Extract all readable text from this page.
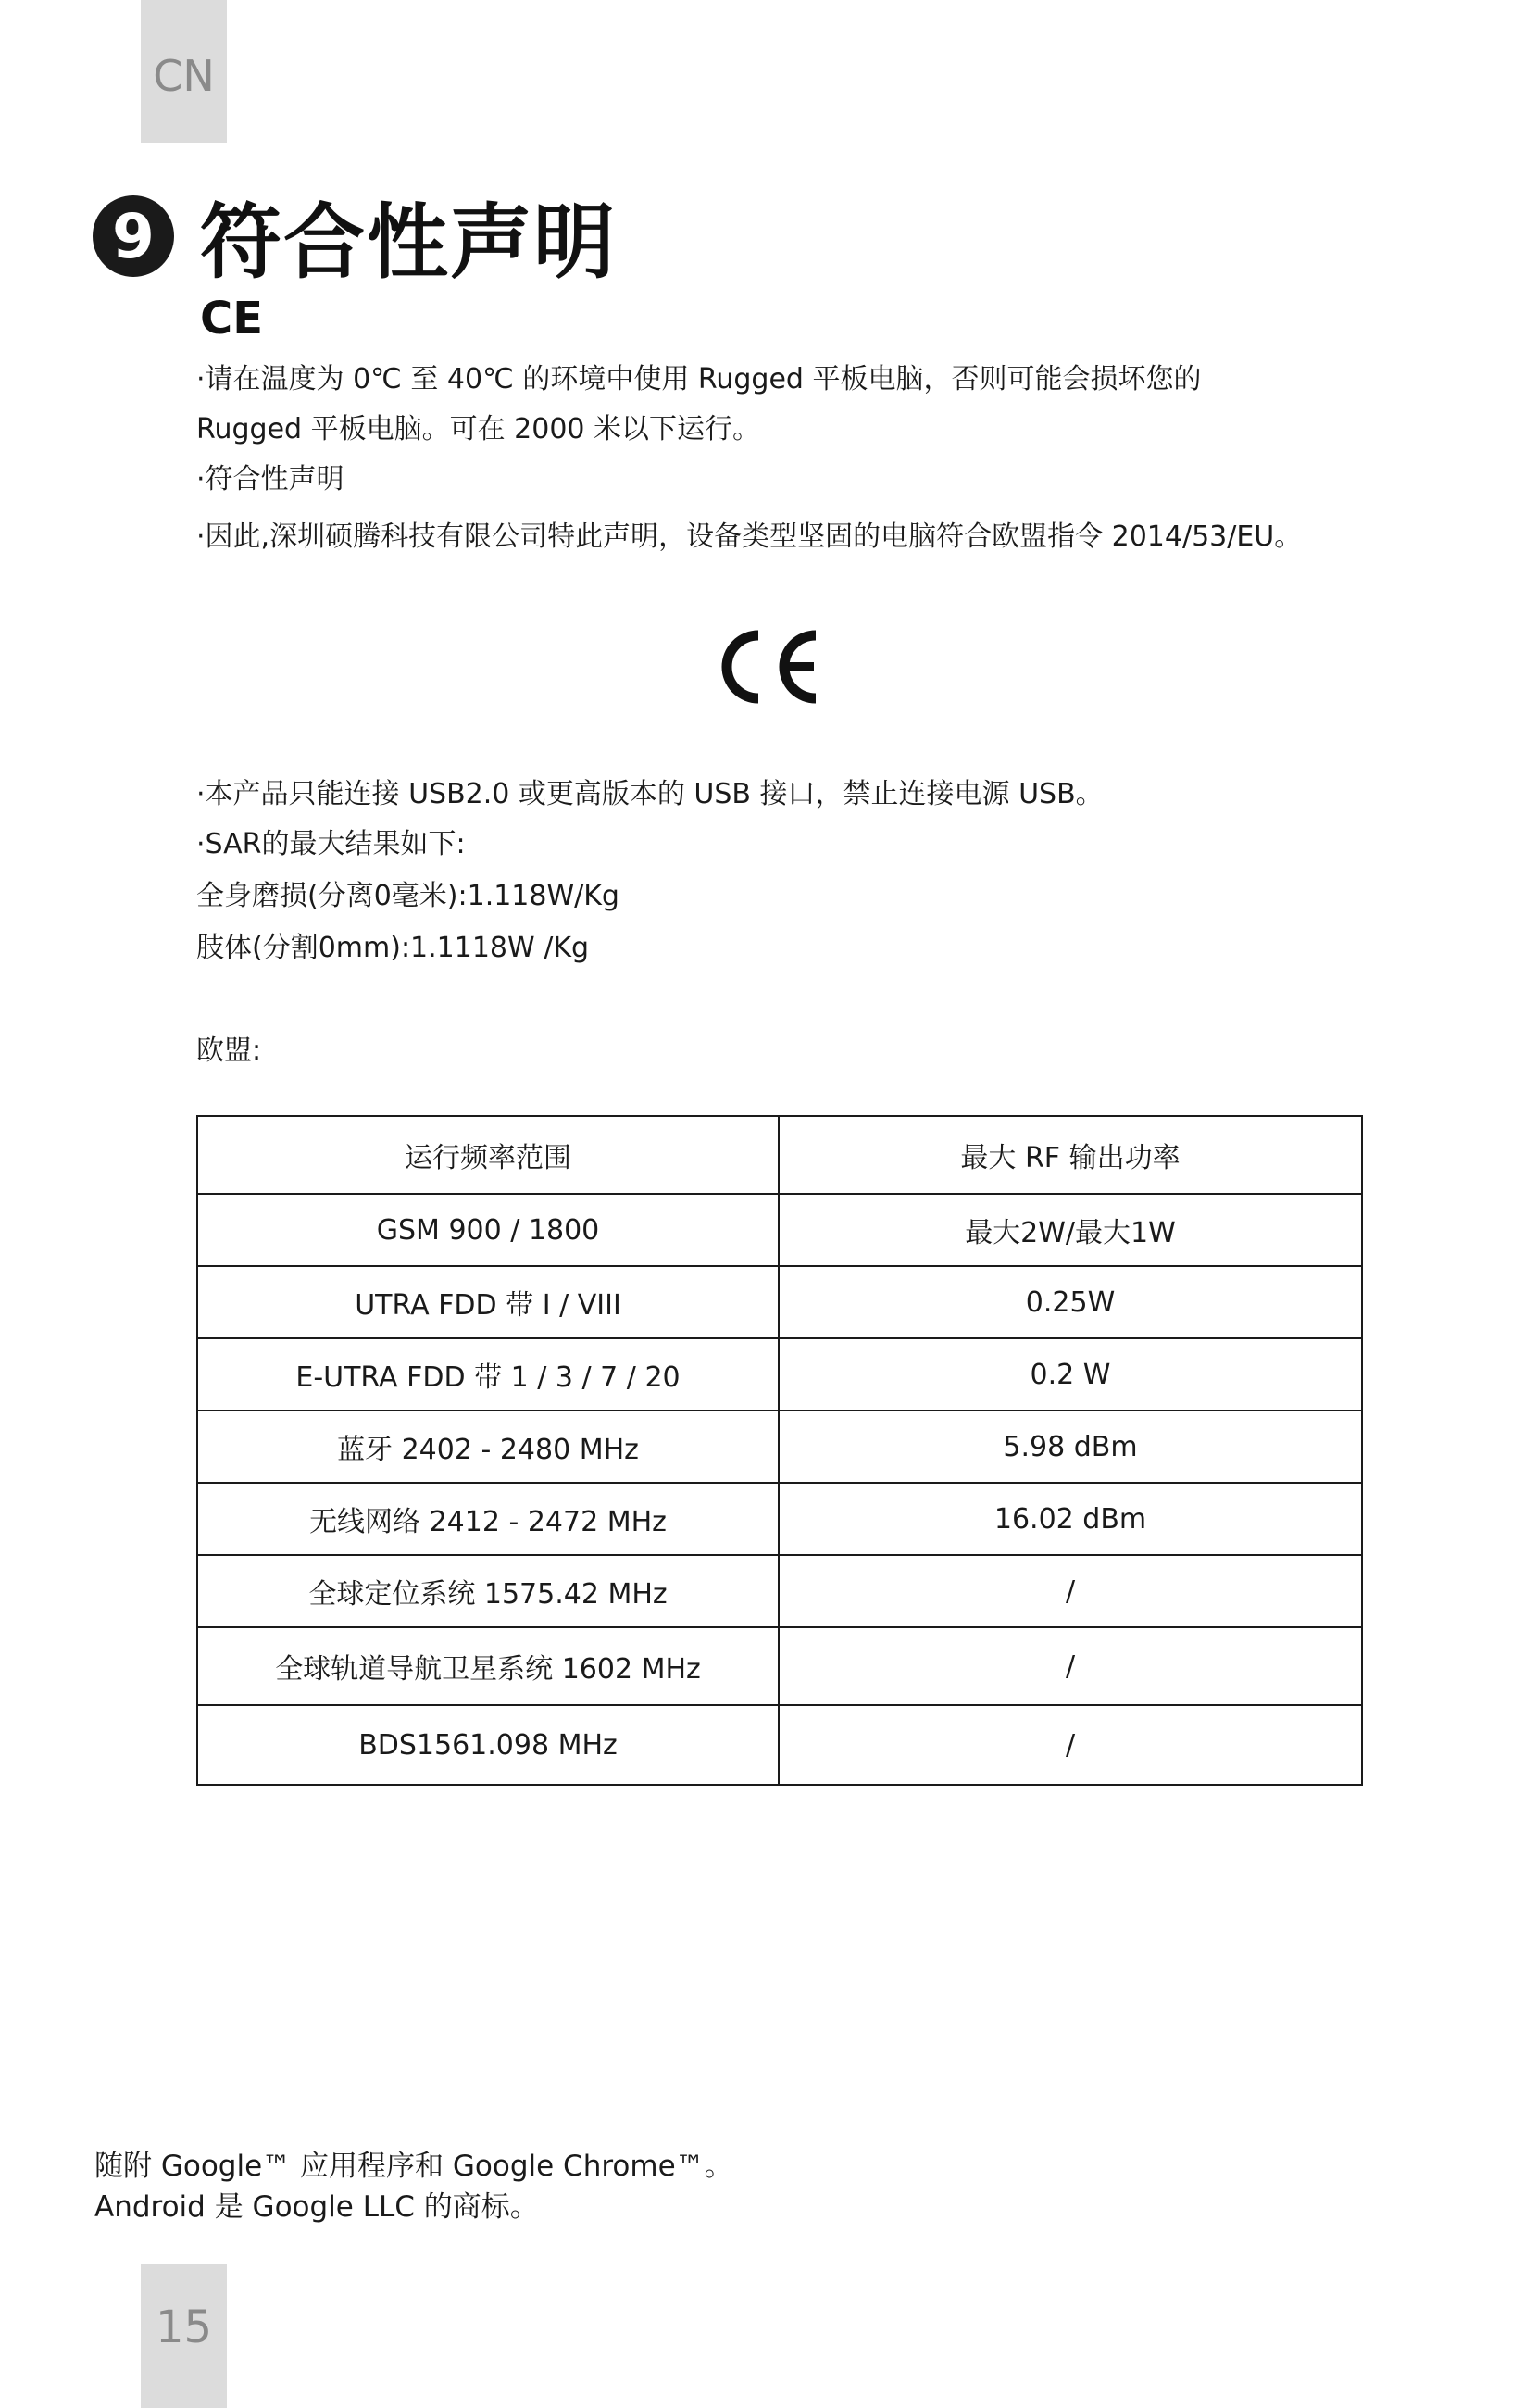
CN
9 符合性声明
CE
·请在温度为 0℃ 至 40℃ 的环境中使用 Rugged 平板电脑，否则可能会损坏您的
Rugged 平板电脑。可在 2000 米以下运行。
·符合性声明
·因此,深圳硕腾科技有限公司特此声明，设备类型坚固的电脑符合欧盟指令 2014/53/EU。
·本产品只能连接 USB2.0 或更高版本的 USB 接口，禁止连接电源 USB。
·SAR的最大结果如下:
全身磨损(分离0毫米):1.118W/Kg
肢体(分割0mm):1.1118W /Kg
欧盟:
运行频率范围	最大 RF 输出功率
GSM 900 / 1800	最大2W/最大1W
UTRA FDD 带 I / VIII	0.25W
E-UTRA FDD 带 1 / 3 / 7 / 20	0.2 W
蓝牙 2402 - 2480 MHz	5.98 dBm
无线网络 2412 - 2472 MHz	16.02 dBm
全球定位系统 1575.42 MHz	/
全球轨道导航卫星系统 1602 MHz	/
BDS1561.098 MHz	/
随附 Google™ 应用程序和 Google Chrome™。
Android 是 Google LLC 的商标。
15
